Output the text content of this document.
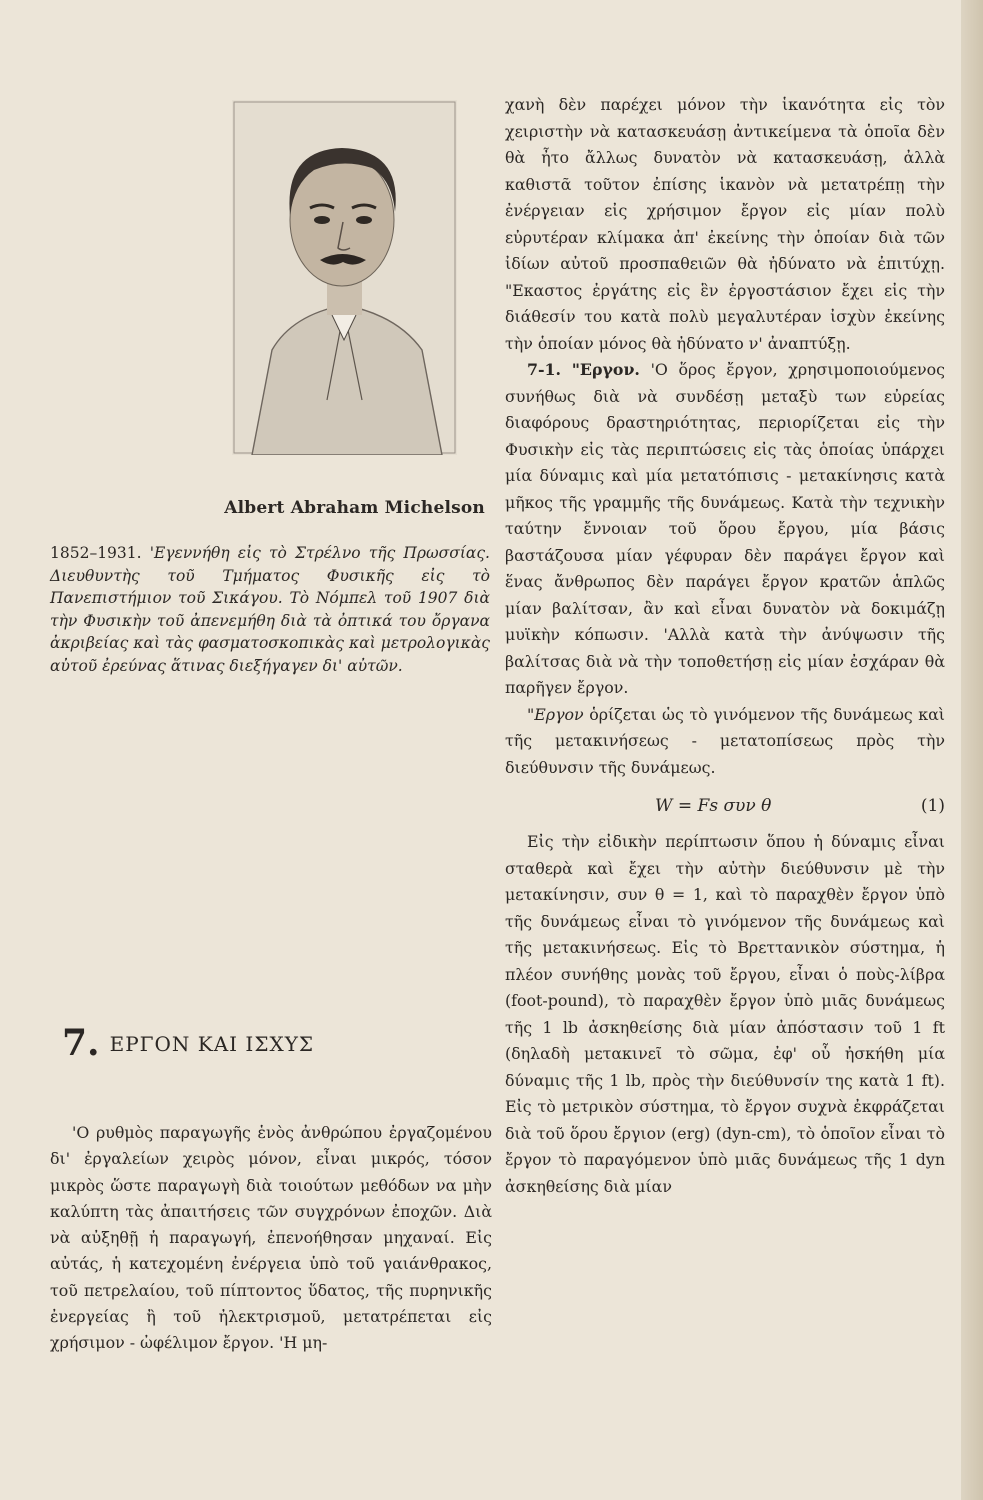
Albert Abraham Michelson

1852–1931. 'Εγεννήθη εἰς τὸ Στρέλνο τῆς Πρωσσίας. Διευθυντὴς τοῦ Τμήματος Φυσικῆς εἰς τὸ Πανεπιστήμιον τοῦ Σικάγου. Τὸ Νόμπελ τοῦ 1907 διὰ τὴν Φυσικὴν τοῦ ἀπενεμήθη διὰ τὰ ὀπτικά του ὄργανα ἀκριβείας καὶ τὰς φασματοσκοπικὰς καὶ μετρολογικὰς αὐτοῦ ἐρεύνας ἅτινας διεξήγαγεν δι' αὐτῶν.

7. ΕΡΓΟΝ ΚΑΙ ΙΣΧΥΣ

'Ο ρυθμὸς παραγωγῆς ἑνὸς ἀνθρώπου ἐργαζομένου δι' ἐργαλείων χειρὸς μόνον, εἶναι μικρός, τόσον μικρὸς ὥστε παραγωγὴ διὰ τοιούτων μεθόδων να μὴν καλύπτη τὰς ἀπαιτήσεις τῶν συγχρόνων ἐποχῶν. Διὰ νὰ αὐξηθῇ ἡ παραγωγή, ἐπενοήθησαν μηχαναί. Εἰς αὐτάς, ἡ κατεχομένη ἐνέργεια ὑπὸ τοῦ γαιάνθρακος, τοῦ πετρελαίου, τοῦ πίπτοντος ὕδατος, τῆς πυρηνικῆς ἐνεργείας ἢ τοῦ ἠλεκτρισμοῦ, μετατρέπεται εἰς χρήσιμον - ὠφέλιμον ἔργον. 'Η μη-

χανὴ δὲν παρέχει μόνον τὴν ἱκανότητα εἰς τὸν χειριστὴν νὰ κατασκευάσῃ ἀντικείμενα τὰ ὁποῖα δὲν θὰ ἦτο ἄλλως δυνατὸν νὰ κατασκευάσῃ, ἀλλὰ καθιστᾶ τοῦτον ἐπίσης ἱκανὸν νὰ μετατρέπῃ τὴν ἐνέργειαν εἰς χρήσιμον ἔργον εἰς μίαν πολὺ εὐρυτέραν κλίμακα ἀπ' ἐκείνης τὴν ὁποίαν διὰ τῶν ἰδίων αὐτοῦ προσπαθειῶν θὰ ἠδύνατο νὰ ἐπιτύχῃ. "Εκαστος ἐργάτης εἰς ἓν ἐργοστάσιον ἔχει εἰς τὴν διάθεσίν του κατὰ πολὺ μεγαλυτέραν ἰσχὺν ἐκείνης τὴν ὁποίαν μόνος θὰ ἠδύνατο ν' ἀναπτύξῃ.

7-1. "Εργον. 'Ο ὅρος ἔργον, χρησιμοποιούμενος συνήθως διὰ νὰ συνδέσῃ μεταξὺ των εὐρείας διαφόρους δραστηριότητας, περιορίζεται εἰς τὴν Φυσικὴν εἰς τὰς περιπτώσεις εἰς τὰς ὁποίας ὑπάρχει μία δύναμις καὶ μία μετατόπισις - μετακίνησις κατὰ μῆκος τῆς γραμμῆς τῆς δυνάμεως. Κατὰ τὴν τεχνικὴν ταύτην ἔννοιαν τοῦ ὅρου ἔργου, μία βάσις βαστάζουσα μίαν γέφυραν δὲν παράγει ἔργον καὶ ἕνας ἄνθρωπος δὲν παράγει ἔργον κρατῶν ἁπλῶς μίαν βαλίτσαν, ἂν καὶ εἶναι δυνατὸν νὰ δοκιμάζῃ μυϊκὴν κόπωσιν. 'Αλλὰ κατὰ τὴν ἀνύψωσιν τῆς βαλίτσας διὰ νὰ τὴν τοποθετήσῃ εἰς μίαν ἐσχάραν θὰ παρῆγεν ἔργον.

"Εργον ὁρίζεται ὡς τὸ γινόμενον τῆς δυνάμεως καὶ τῆς μετακινήσεως - μετατοπίσεως πρὸς τὴν διεύθυνσιν τῆς δυνάμεως.

W = Fs συν θ	(1)

Εἰς τὴν εἰδικὴν περίπτωσιν ὅπου ἡ δύναμις εἶναι σταθερὰ καὶ ἔχει τὴν αὐτὴν διεύθυνσιν μὲ τὴν μετακίνησιν, συν θ = 1, καὶ τὸ παραχθὲν ἔργον ὑπὸ τῆς δυνάμεως εἶναι τὸ γινόμενον τῆς δυνάμεως καὶ τῆς μετακινήσεως. Εἰς τὸ Βρεττανικὸν σύστημα, ἡ πλέον συνήθης μονὰς τοῦ ἔργου, εἶναι ὁ ποὺς-λίβρα (foot-pound), τὸ παραχθὲν ἔργον ὑπὸ μιᾶς δυνάμεως τῆς 1 lb ἀσκηθείσης διὰ μίαν ἀπόστασιν τοῦ 1 ft (δηλαδὴ μετακινεῖ τὸ σῶμα, ἐφ' οὗ ἠσκήθη μία δύναμις τῆς 1 lb, πρὸς τὴν διεύθυνσίν της κατὰ 1 ft). Εἰς τὸ μετρικὸν σύστημα, τὸ ἔργον συχνὰ ἐκφράζεται διὰ τοῦ ὅρου ἔργιον (erg) (dyn-cm), τὸ ὁποῖον εἶναι τὸ ἔργον τὸ παραγόμενον ὑπὸ μιᾶς δυνάμεως τῆς 1 dyn ἀσκηθείσης διὰ μίαν
